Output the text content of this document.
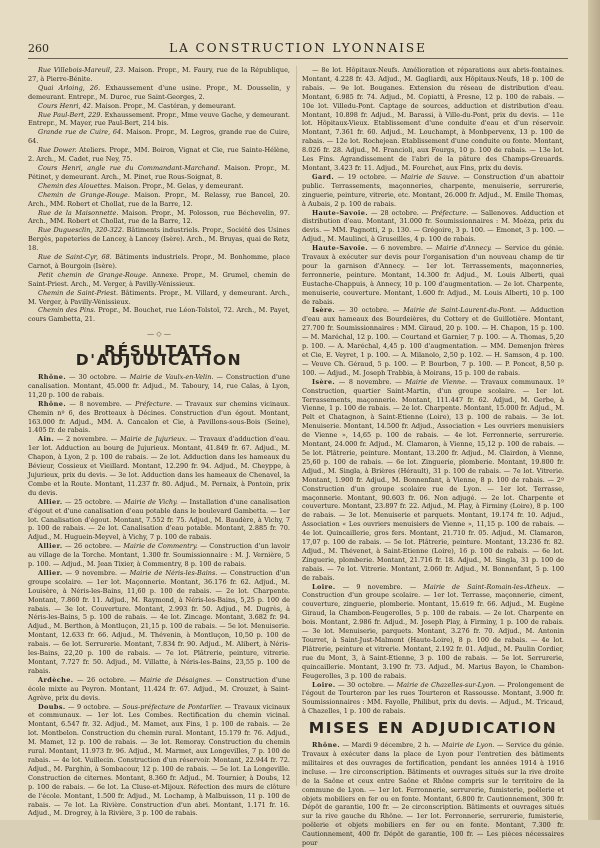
260	LA CONSTRUCTION LYONNAISE

Rue Villebois-Mareuil, 23. Maison. Propr., M. Faury, rue de la République, 27, à Pierre-Bénite.

Quai Arloing, 26. Exhaussement d'une usine. Propr., M. Dousselin, y demeurant. Entrepr., M. Duroc, rue Saint-Georges, 2.

Cours Henri, 42. Maison. Propr., M. Castéran, y demeurant.

Rue Paul-Bert, 229. Exhaussement. Propr., Mme veuve Gache, y demeurant. Entrepr., M. Mayer, rue Paul-Bert, 214 bis.

Grande rue de Cuire, 64. Maison. Propr., M. Legros, grande rue de Cuire, 64.

Rue Dower. Ateliers. Propr., MM. Boiron, Vignat et Cie, rue Sainte-Hélène, 2. Arch., M. Cadet, rue Ney, 75.

Cours Henri, angle rue du Commandant-Marchand. Maison. Propr., M. Pétinet, y demeurant. Arch., M. Pinet, rue Rous-Soignat, 8.

Chemin des Alouettes. Maison. Propr., M. Gelas, y demeurant.

Chemin de Grange-Rouge. Maison. Propr., M. Relassy, rue Bancel, 20. Arch., MM. Robert et Chollat, rue de la Barre, 12.

Rue de la Maisonnette. Maison. Propr., M. Polosson, rue Béchevelin, 97. Arch., MM. Robert et Chollat, rue de la Barre, 12.

Rue Duguesclin, 320-322. Bâtiments industriels. Propr., Société des Usines Bergès, papeteries de Lancey, à Lancey (Isère). Arch., M. Bruyas, quai de Retz, 18.

Rue de Saint-Cyr, 68. Bâtiments industriels. Propr., M. Bonhomme, place Carnot, à Bourgoin (Isère).

Petit chemin de Grange-Rouge. Annexe. Propr., M. Grumel, chemin de Saint-Priest. Arch., M. Verger, à Pavilly-Vénissieux.

Chemin de Saint-Priest. Bâtiments. Propr., M. Villard, y demeurant. Arch., M. Verger, à Pavilly-Vénissieux.

Chemin des Pins. Propr., M. Bouchet, rue Léon-Tolstoï, 72. Arch., M. Payet, cours Gambetta, 21.

— ◇ —
RÉSULTATS D'ADJUDICATION

Rhône. — 30 octobre. — Mairie de Vaulx-en-Velin. — Construction d'une canalisation. Montant, 45.000 fr. Adjud., M. Taboury, 14, rue Calas, à Lyon, 11,20 p. 100 de rabais.

Rhône. — 8 novembre. — Préfecture. — Travaux sur chemins vicinaux. Chemin nº 6, des Brotteaux à Décines. Construction d'un égout. Montant, 163.000 fr. Adjud., MM. A. Cancalon et Cie, à Pavillons-sous-Bois (Seine), 1.405 fr. de rabais.

Ain. — 2 novembre. — Mairie de Jujurieux. — Travaux d'adduction d'eau. 1er lot. Adduction au bourg de Jujurieux. Montant, 41.849 fr. 67. Adjud., M. Chapon, à Lyon, 2 p. 100 de rabais. — 2e lot. Adduction dans les hameaux du Bévieur, Cossieux et Vieillard. Montant, 12.290 fr. 94. Adjud., M. Cheyppe, à Jujurieux, prix du devis. — 3e lot. Adduction dans les hameaux de Chenavel, la Combe et la Route. Montant, 11.237 fr. 80. Adjud., M. Pernaix, à Pontoin, prix du devis.

Allier. — 25 octobre. — Mairie de Vichy. — Installation d'une canalisation d'égout et d'une canalisation d'eau potable dans le boulevard Gambetta. — 1er lot. Canalisation d'égout. Montant, 7.552 fr. 75. Adjud., M. Baudère, à Vichy, 7 p. 100 de rabais. — 2e lot. Canalisation d'eau potable. Montant, 2.885 fr. 70. Adjud., M. Huguein-Meyvel, à Vichy, 7 p. 100 de rabais.

Allier. — 26 octobre. — Mairie de Commentry. — Construction d'un lavoir au village de la Torche. Montant, 1.300 fr. Soumissionnaire : M. J. Vernière, 5 p. 100. — Adjud., M. Jean Tixier, à Commentry, 8 p. 100 de rabais.

Allier. — 9 novembre. — Mairie de Néris-les-Bains. — Construction d'un groupe scolaire. — 1er lot. Maçonnerie. Montant, 36.176 fr. 62. Adjud., M. Louisère, à Néris-les-Bains, 11,60 p. 100 de rabais. — 2e lot. Charpente. Montant, 7.860 fr. 11. Adjud., M. Raymond, à Néris-les-Bains, 5,25 p. 100 de rabais. — 3e lot. Couverture. Montant, 2.993 fr. 50. Adjud., M. Dugrès, à Néris-les-Bains, 5 p. 100 de rabais. — 4e lot. Zincage. Montant, 3.682 fr. 94. Adjud., M. Berthon, à Montluçon, 21,15 p. 100 de rabais. — 5e lot. Menuiserie. Montant, 12.633 fr. 66. Adjud., M. Thévenin, à Montluçon, 10,50 p. 100 de rabais. — 6e lot. Serrurerie. Montant, 7.834 fr. 90. Adjud., M. Alibert, à Néris-les-Bains, 22,20 p. 100 de rabais. — 7e lot. Plâtrerie, peinture, vitrerie. Montant, 7.727 fr. 50. Adjud., M. Villatte, à Néris-les-Bains, 23,55 p. 100 de rabais.

Ardèche. — 26 octobre. — Mairie de Désaignes. — Construction d'une école mixte au Peyron. Montant, 11.424 fr. 67. Adjud., M. Crouzet, à Saint-Agrève, prix du devis.

Doubs. — 9 octobre. — Sous-préfecture de Pontarlier. — Travaux vicinaux et communaux. — 1er lot. Les Combes. Rectification du chemin vicinal. Montant, 6.547 fr. 32. Adjud., M. Mamet, aux Fins, 1 p. 100 de rabais. — 2e lot. Montbelon. Construction du chemin rural. Montant, 15.179 fr. 76. Adjud., M. Mamet, 12 p. 100 de rabais. — 3e lot. Remoray. Construction du chemin rural. Montant, 11.973 fr. 96. Adjud., M. Marmet, aux Longevilles, 7 p. 100 de rabais. — 4e lot. Vuillecin. Construction d'un réservoir. Montant, 22.944 fr. 72. Adjud., M. Parghin, à Sombacour, 12 p. 100 de rabais. — 5e lot. La Longeville. Construction de citernes. Montant, 8.360 fr. Adjud., M. Tournier, à Doubs, 12 p. 100 de rabais. — 6e lot. La Cluse-et-Mijoux. Réfection des murs de clôture de l'école. Montant, 1.500 fr. Adjud., M. Lochamp, à Malbuisson, 11 p. 100 de rabais. — 7e lot. La Rivière. Construction d'un abri. Montant, 1.171 fr. 16. Adjud., M. Drogrey, à la Rivière, 3 p. 100 de rabais.

— 8e lot. Hôpitaux-Neufs. Amélioration et réparations aux abris-fontaines. Montant, 4.228 fr. 43. Adjud., M. Gagliardi, aux Hôpitaux-Neufs, 18 p. 100 de rabais. — 9e lot. Bouganes. Extension du réseau de distribution d'eau. Montant, 6.985 fr. 74. Adjud., M. Copiatti, à Fresne, 12 p. 100 de rabais. — 10e lot. Villedu-Pont. Captage de sources, adduction et distribution d'eau. Montant, 10.898 fr. Adjud., M. Barassi, à Ville-du-Pont, prix du devis. — 11e lot. Hôpitaux-Vieux. Etablissement d'une conduite d'eau et d'un réservoir. Montant, 7.361 fr. 60. Adjud., M. Louchampt, à Monbpervenx, 13 p. 100 de rabais. — 12e lot. Rochejean. Etablissement d'une conduite ou fonte. Montant, 8.026 fr. 28. Adjud., M. Francioli, aux Fourgs, 10 p. 100 de rabais. — 13e lot. Les Fins. Agrandissement de l'abri de la pâture des Champs-Greuards. Montant, 3.423 fr. 11. Adjud., M. Fourchet, aux Fins, prix du devis.

Gard. — 19 octobre. — Mairie de Sauve. — Construction d'un abattoir public. Terrassements, maçonneries, charpente, menuiserie, serrurerie, zinguerie, peinture, vitrerie, etc. Montant, 26.000 fr. Adjud., M. Emile Thomas, à Aubais, 2 p. 100 de rabais.

Haute-Savoie. — 28 octobre. — Préfecture. — Sallenoves. Adduction et distribution d'eau. Montant, 31.000 fr. Soumissionnaires : M. Moéza, prix du devis. — MM. Pagnotti, 2 p. 130. — Grégoire, 3 p. 100. — Emonet, 3 p. 100. — Adjud., M. Maulinci, à Gruseilles, 4 p. 100 de rabais.

Haute-Savoie. — 6 novembre. — Mairie d'Annecy. — Service du génie. Travaux à exécuter sur devis pour l'organisation d'un nouveau champ de tir pour la garnison d'Annecy. — 1er lot. Terrassements, maçonneries, ferronnerie, peinture. Montant, 14.300 fr. Adjud., M. Louis Alberti, quai Eustache-Chappuis, à Annecy, 10 p. 100 d'augmentation. — 2e lot. Charpente, menuiserie, couverture. Montant, 1.600 fr. Adjud., M. Louis Alberti, 10 p. 100 de rabais.

Isère. — 30 octobre. — Mairie de Saint-Laurent-du-Pont. — Adduction d'eau aux hameaux des Bourdeières, du Cottery et de Guillotière. Montant, 27.700 fr. Soumissionnaires : MM. Giraud, 20 p. 100. — H. Chapon, 15 p. 100. — M. Maréchal, 12 p. 100. — Courtand et Garnier, 7 p. 100. — A. Thomas, 5,20 p. 100. — A. Maréchal, 4,45 p. 100 d'augmentation. — MM. Demenjon frères et Cie, E. Veyret, 1 p. 100. — A. Milanolo, 2,50 p. 102. — H. Samson, 4 p. 100. — Veuve Ch. Géraud, 5 p. 100. — P. Bourbon, 7 p. 100. — P. Poncet, 8,50 p. 100. — Adjud., M. Joseph Trabbia, à Moirans, 15 p. 100 de rabais.

Isère. — 8 novembre. — Mairie de Vienne. — Travaux communaux. 1º Construction, quartier Saint-Martin, d'un groupe scolaire. — 1er lot. Terrassements, maçonnerie. Montant, 111.447 fr. 62. Adjud., M. Gerbe, à Vienne, 1 p. 100 de rabais. — 2e lot. Charpente. Montant, 15.000 fr. Adjud., M. Pelt et Chatagnon, à Saint-Etienne (Loire), 13 p. 100 de rabais. — 3e lot. Menuiserie. Montant, 14.500 fr. Adjud., Association « Les ouvriers menuisiers de Vienne », 14,65 p. 100 de rabais. — 4e lot. Ferronnerie, serrurerie. Montant, 24.000 fr. Adjud., M. Clamaron, à Vienne, 15,12 p. 100 de rabais. — 5e lot. Plâtrerie, peinture. Montant, 13.200 fr. Adjud., M. Clairdon, à Vienne, 25,60 p. 100 de rabais. — 6e lot. Zinguerie, plomberie. Montant, 19.800 fr. Adjud., M. Singla, à Brières (Hérault), 31 p. 100 de rabais. — 7e lot. Vitrerie. Montant, 1.900 fr. Adjud., M. Bonnenfant, à Vienne, 8 p. 100 de rabais. — 2º Construction d'un groupe scolaire rue de Lyon. — 1er lot. Terrasse, maçonnerie. Montant, 90.603 fr. 06. Non adjugé. — 2e lot. Charpente et couverture. Montant, 23.897 fr. 22. Adjud., M. Play, à Firminy (Loire), 8 p. 100 de rabais. — 3e lot. Menuiserie et parquets. Montant, 19.174 fr. 10. Adjud., Association « Les ouvriers menuisiers de Vienne », 11,15 p. 100 de rabais. — 4e lot. Quincaillerie, gros fers. Montant, 21.710 fr. 05. Adjud., M. Clamaron, 17,07 p. 100 de rabais. — 5e lot. Plâtrerie, peinture. Montant, 13.236 fr. 82. Adjud., M. Thévenet, à Saint-Etienne (Loire), 16 p. 100 de rabais. — 6e lot. Zinguerie, plomberie. Montant, 21.716 fr. 18. Adjud., M. Singla, 31 p. 100 de rabais. — 7e lot. Vitrerie. Montant, 2.060 fr. Adjud., M. Bonnenfant, 5 p. 100 de rabais.

Loire. — 9 novembre. — Mairie de Saint-Romain-les-Atheux. — Construction d'un groupe scolaire. — 1er lot. Terrasse, maçonnerie, ciment, couverture, zinguerie, plomberie. Montant, 15.619 fr. 66. Adjud., M. Eugène Giraud, la Chambon-Feugerolles, 5 p. 100 de rabais. — 2e lot. Charpente en bois. Montant, 2.986 fr. Adjud., M. Joseph Play, à Firminy, 1 p. 100 de rabais. — 3e lot. Menuiserie, parquets. Montant, 3.276 fr. 70. Adjud., M. Antonin Tourret, à Saint-Just-Malmont (Haute-Loire), 8 p. 100 de rabais. — 4e lot. Plâtrerie, peinture et vitrerie. Montant, 2.192 fr. 01. Adjud., M. Paulin Cordier, rue du Mont, 3, à Saint-Etienne, 3 p. 100 de rabais. — 5e lot. Serrurerie, quincaillerie. Montant, 3.190 fr. 73. Adjud., M. Marius Bayon, le Chambon-Feugerolles, 3 p. 100 de rabais.

Loire. — 30 octobre. — Mairie de Chazelles-sur-Lyon. — Prolongement de l'égout de Tourteron par les rues Tourteron et Rassousse. Montant, 3.900 fr. Soumissionnaires : MM. Fayolle, Philibut, prix du devis. — Adjud., M. Tricaud, à Chazelles, 1 p. 100 de rabais.

MISES EN ADJUDICATION

Rhône. — Mardi 9 décembre, 2 h. — Mairie de Lyon. — Service du génie. Travaux à exécuter dans la place de Lyon pour l'entretien des bâtiments militaires et des ouvrages de fortification, pendant les années 1914 à 1916 incluse. — 1re circonscription. Bâtiments et ouvrages situés sur la rive droite de la Saône et ceux entre Saône et Rhône compris sur le territoire de la commune de Lyon. — 1er lot. Ferronnerie, serrurerie, fumisterie, poêlerie et objets mobiliers en fer ou en fonte. Montant, 6.800 fr. Cautionnement, 300 fr. Dépôt de garantie, 100 fr. — 2e circonscription. Bâtiments et ouvrages situés sur la rive gauche du Rhône. — 1er lot. Ferronnerie, serrurerie, fumisterie, poêlerie et objets mobiliers en fer ou en fonte. Montant, 7.300 fr. Cautionnement, 400 fr. Dépôt de garantie, 100 fr. — Les pièces nécessaires pour
